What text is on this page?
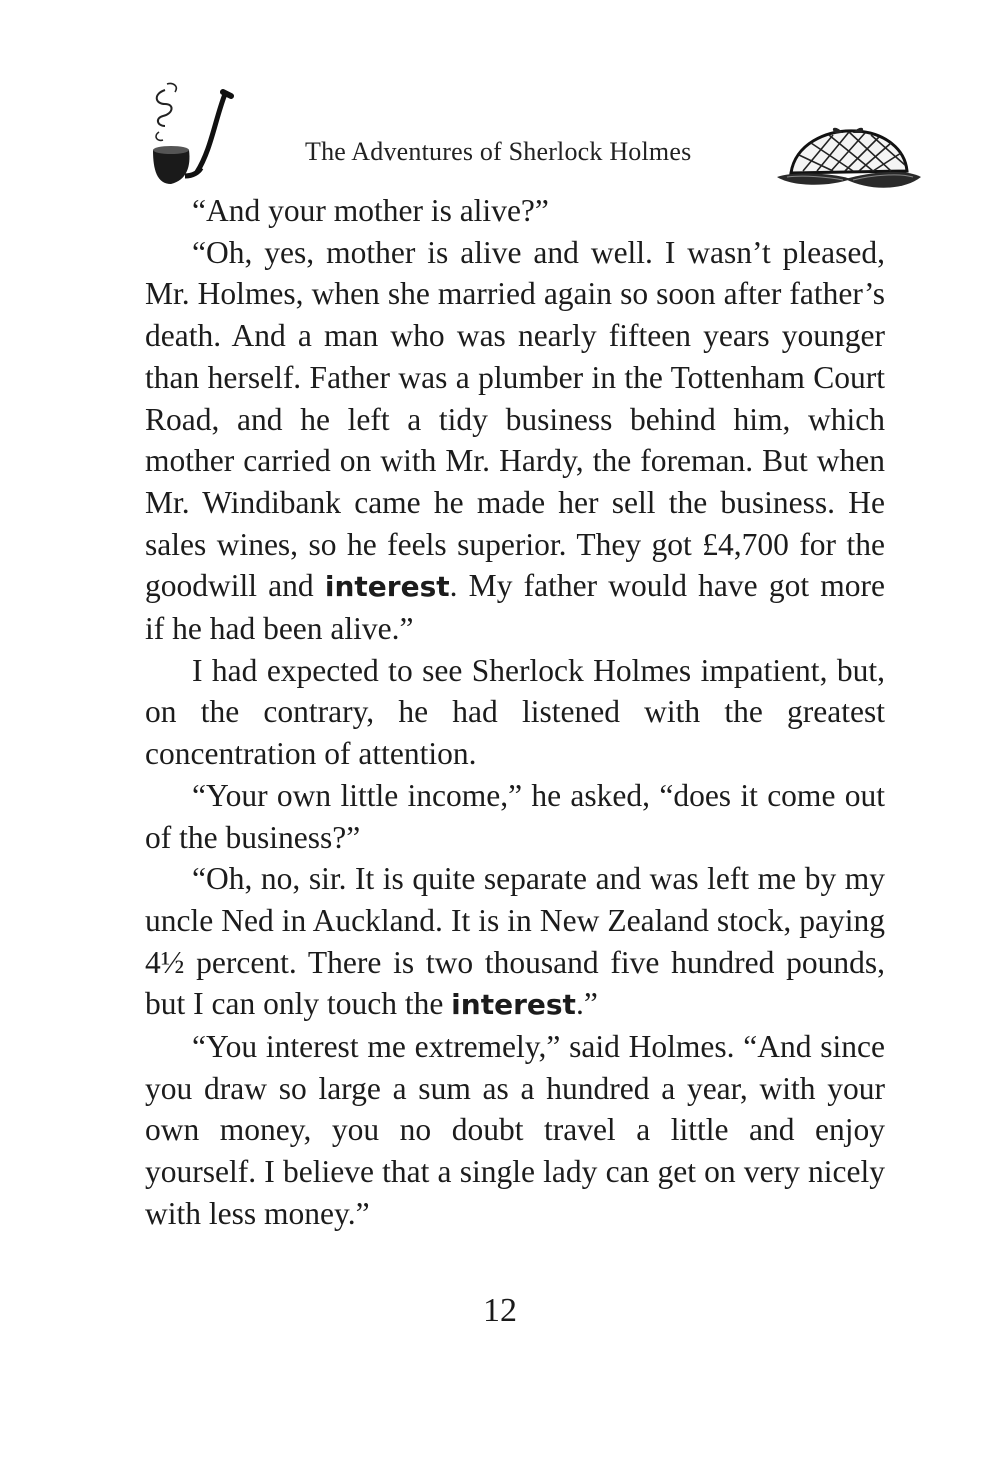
The Adventures of Sherlock Holmes

“And your mother is alive?”

“Oh, yes, mother is alive and well. I wasn’t pleased, Mr. Holmes, when she married again so soon after father’s death. And a man who was nearly fifteen years younger than herself. Father was a plumber in the Tottenham Court Road, and he left a tidy business behind him, which mother carried on with Mr. Hardy, the foreman. But when Mr. Windibank came he made her sell the business. He sales wines, so he feels superior. They got £4,700 for the goodwill and interest. My father would have got more if he had been alive.”

I had expected to see Sherlock Holmes impatient, but, on the contrary, he had listened with the greatest concentration of attention.

“Your own little income,” he asked, “does it come out of the business?”

“Oh, no, sir. It is quite separate and was left me by my uncle Ned in Auckland. It is in New Zealand stock, paying 4½ percent. There is two thousand five hundred pounds, but I can only touch the interest.”

“You interest me extremely,” said Holmes. “And since you draw so large a sum as a hundred a year, with your own money, you no doubt travel a little and enjoy yourself. I believe that a single lady can get on very nicely with less money.”

12
